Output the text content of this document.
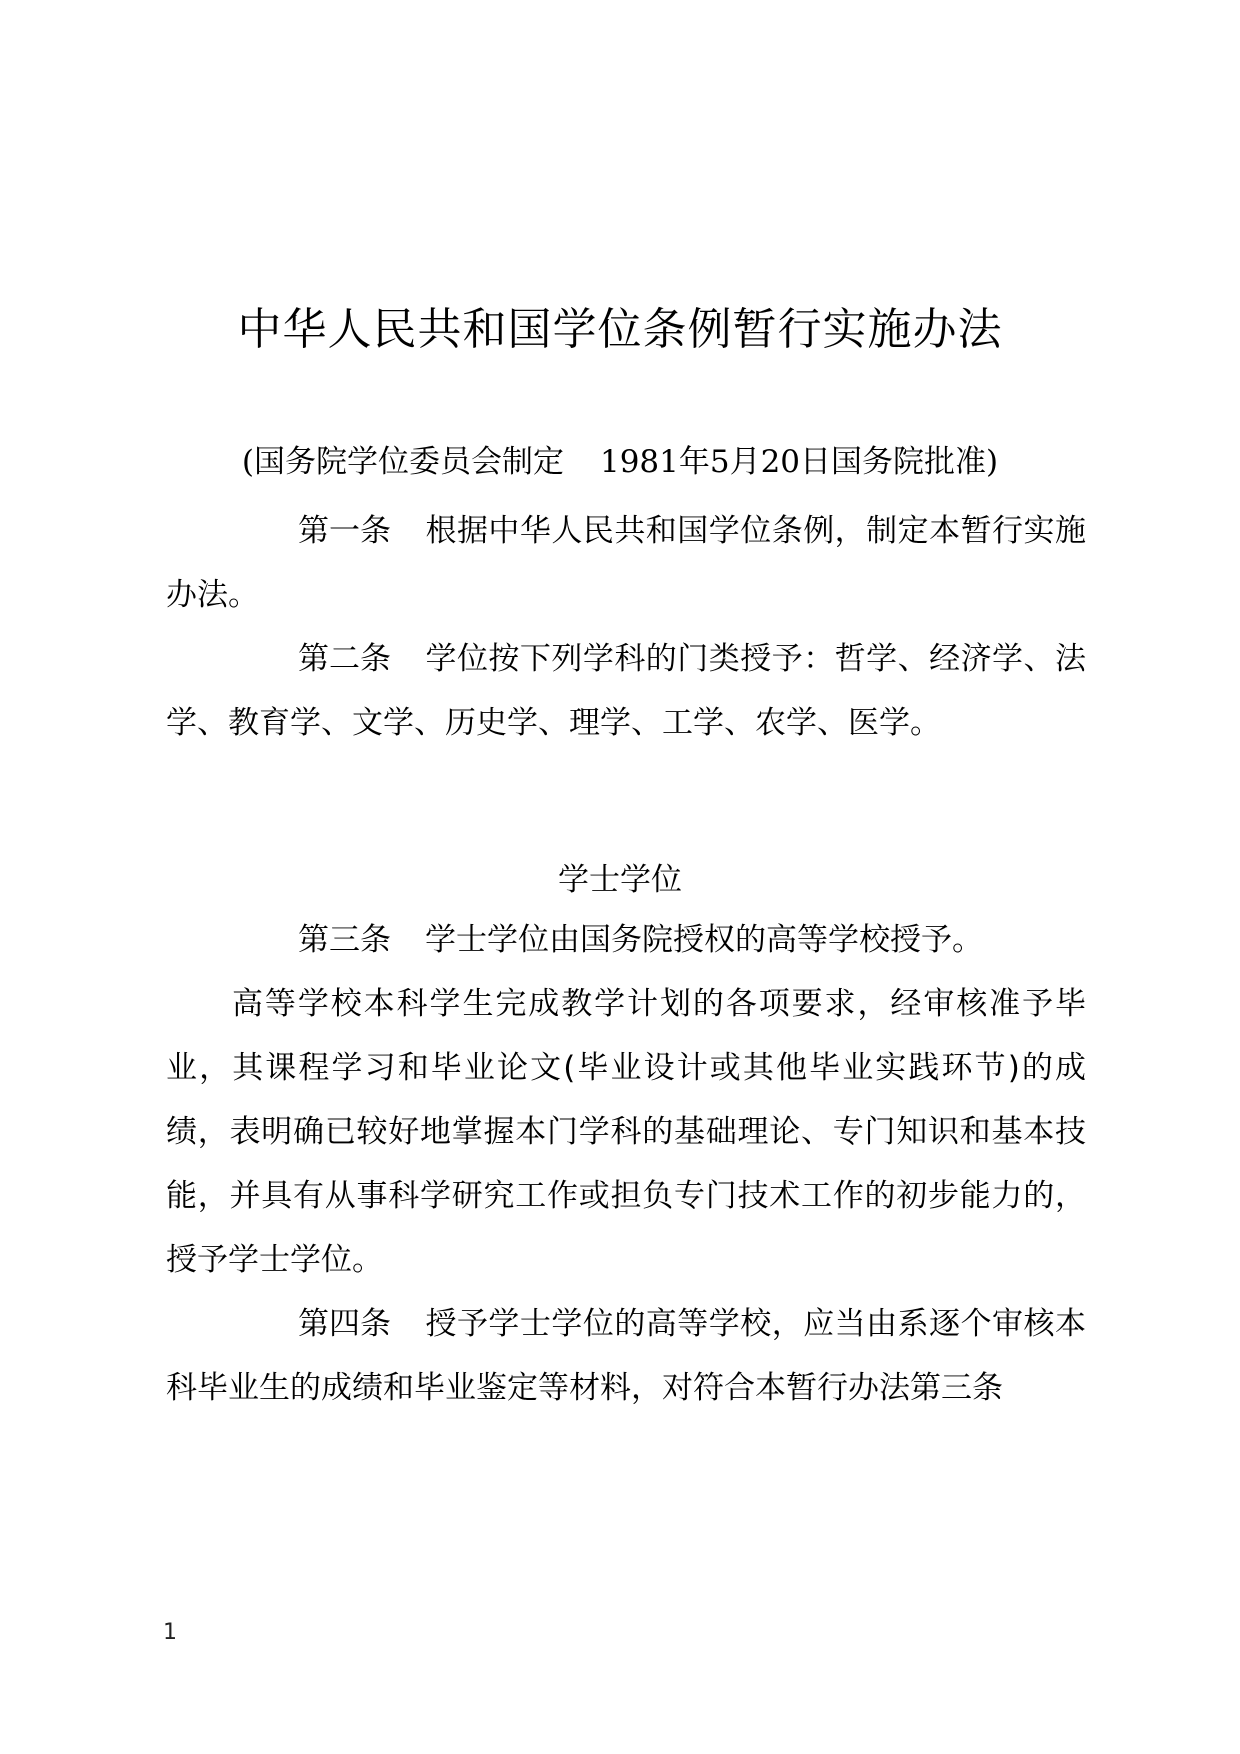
中华人民共和国学位条例暂行实施办法
(国务院学位委员会制定 1981年5月20日国务院批准)

第一条 根据中华人民共和国学位条例，制定本暂行实施办法。

第二条 学位按下列学科的门类授予：哲学、经济学、法学、教育学、文学、历史学、理学、工学、农学、医学。

学士学位

第三条 学士学位由国务院授权的高等学校授予。

高等学校本科学生完成教学计划的各项要求，经审核准予毕业，其课程学习和毕业论文(毕业设计或其他毕业实践环节)的成绩，表明确已较好地掌握本门学科的基础理论、专门知识和基本技能，并具有从事科学研究工作或担负专门技术工作的初步能力的，授予学士学位。

第四条 授予学士学位的高等学校，应当由系逐个审核本科毕业生的成绩和毕业鉴定等材料，对符合本暂行办法第三条

1
